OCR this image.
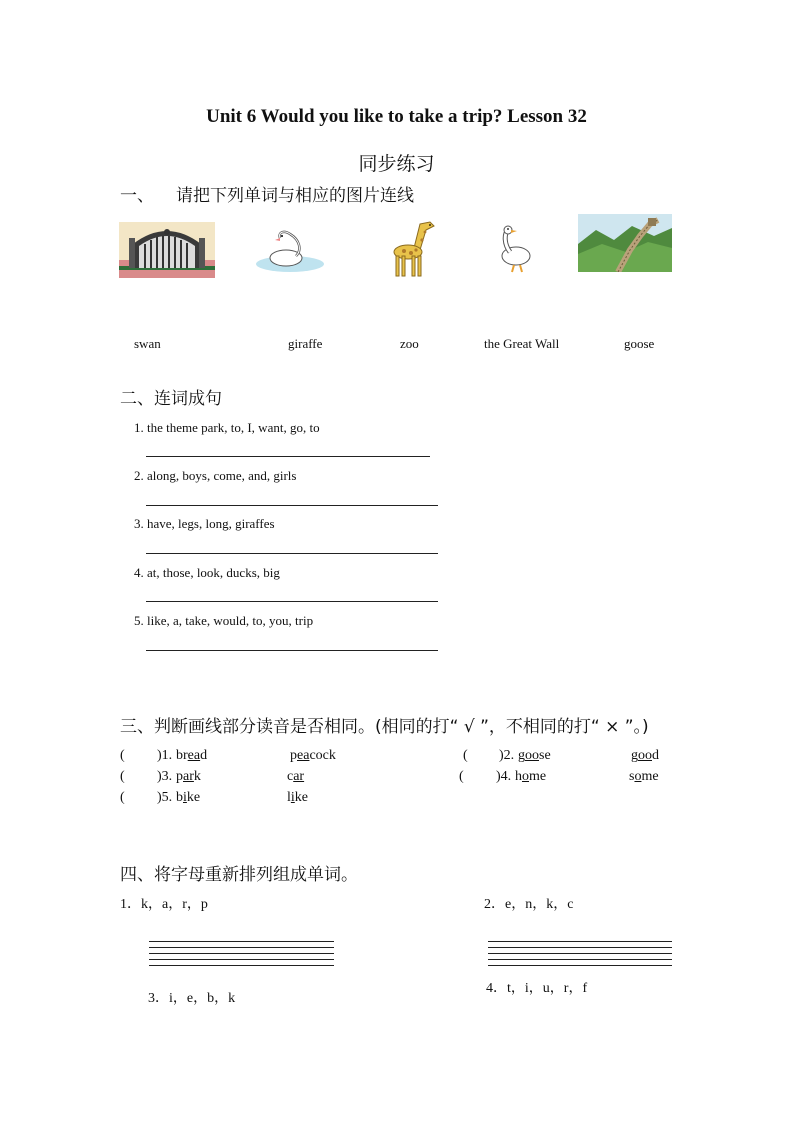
Unit 6 Would you like to take a trip? Lesson 32
同步练习
一、 请把下列单词与相应的图片连线
swan	giraffe	zoo	the Great Wall	goose
二、连词成句
1. the theme park, to, I, want, go, to
2. along, boys, come, and, girls
3. have, legs, long, giraffes
4. at, those, look, ducks, big
5. like, a, take, would, to, you, trip
三、判断画线部分读音是否相同。(相同的打“ √ ”，不相同的打“ × ”。)
( )1. bread	peacock	( )2. goose	good
( )3. park	car	( )4. home	some
( )5. bike	like
四、将字母重新排列组成单词。
1．k，a，r，p	2．e，n，k，c
3．i，e，b，k
4．t，i，u，r，f
